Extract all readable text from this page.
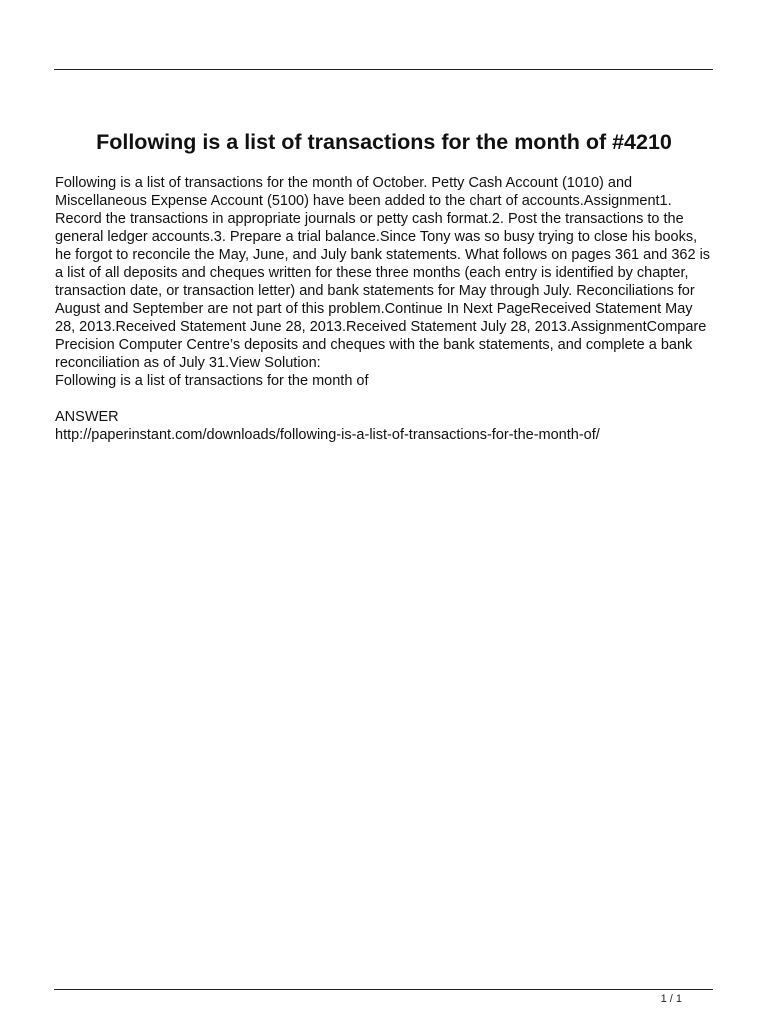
Following is a list of transactions for the month of #4210

Following is a list of transactions for the month of October. Petty Cash Account (1010) and Miscellaneous Expense Account (5100) have been added to the chart of accounts.Assignment1. Record the transactions in appropriate journals or petty cash format.2. Post the transactions to the general ledger accounts.3. Prepare a trial balance.Since Tony was so busy trying to close his books, he forgot to reconcile the May, June, and July bank statements. What follows on pages 361 and 362 is a list of all deposits and cheques written for these three months (each entry is identified by chapter, transaction date, or transaction letter) and bank statements for May through July. Reconciliations for August and September are not part of this problem.Continue In Next PageReceived Statement May 28, 2013.Received Statement June 28, 2013.Received Statement July 28, 2013.AssignmentCompare Precision Computer Centre’s deposits and cheques with the bank statements, and complete a bank reconciliation as of July 31.View Solution:

Following is a list of transactions for the month of

ANSWER

http://paperinstant.com/downloads/following-is-a-list-of-transactions-for-the-month-of/

1 / 1
